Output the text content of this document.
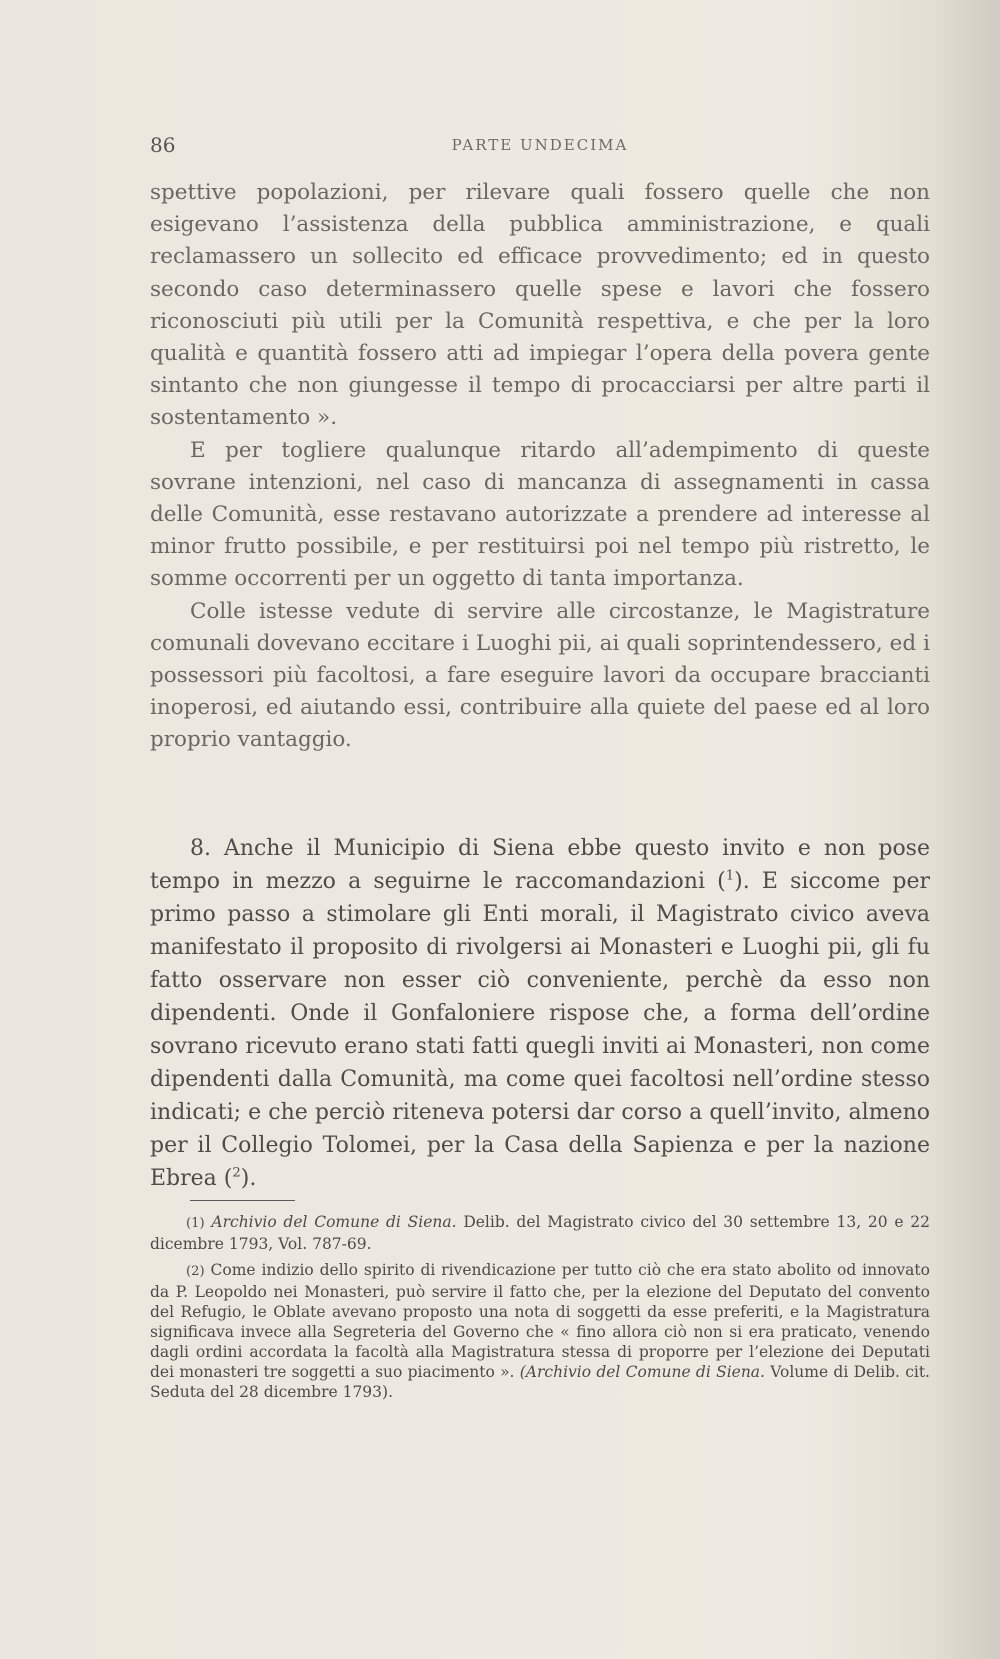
86	PARTE UNDECIMA

spettive popolazioni, per rilevare quali fossero quelle che non esigevano l’assistenza della pubblica amministrazione, e quali reclamassero un sollecito ed efficace provvedimento; ed in questo secondo caso determinassero quelle spese e lavori che fossero riconosciuti più utili per la Comunità respettiva, e che per la loro qualità e quantità fossero atti ad impiegar l’opera della povera gente sintanto che non giungesse il tempo di procacciarsi per altre parti il sostentamento ».

E per togliere qualunque ritardo all’adempimento di queste sovrane intenzioni, nel caso di mancanza di assegnamenti in cassa delle Comunità, esse restavano autorizzate a prendere ad interesse al minor frutto possibile, e per restituirsi poi nel tempo più ristretto, le somme occorrenti per un oggetto di tanta importanza.

Colle istesse vedute di servire alle circostanze, le Magistrature comunali dovevano eccitare i Luoghi pii, ai quali soprintendessero, ed i possessori più facoltosi, a fare eseguire lavori da occupare braccianti inoperosi, ed aiutando essi, contribuire alla quiete del paese ed al loro proprio vantaggio.

8. Anche il Municipio di Siena ebbe questo invito e non pose tempo in mezzo a seguirne le raccomandazioni ($^1$). E siccome per primo passo a stimolare gli Enti morali, il Magistrato civico aveva manifestato il proposito di rivolgersi ai Monasteri e Luoghi pii, gli fu fatto osservare non esser ciò conveniente, perchè da esso non dipendenti. Onde il Gonfaloniere rispose che, a forma dell’ordine sovrano ricevuto erano stati fatti quegli inviti ai Monasteri, non come dipendenti dalla Comunità, ma come quei facoltosi nell’ordine stesso indicati; e che perciò riteneva potersi dar corso a quell’invito, almeno per il Collegio Tolomei, per la Casa della Sapienza e per la nazione Ebrea ($^2$).

(1) Archivio del Comune di Siena. Delib. del Magistrato civico del 30 settembre 13, 20 e 22 dicembre 1793, Vol. 787-69.

(2) Come indizio dello spirito di rivendicazione per tutto ciò che era stato abolito od innovato da P. Leopoldo nei Monasteri, può servire il fatto che, per la elezione del Deputato del convento del Refugio, le Oblate avevano proposto una nota di soggetti da esse preferiti, e la Magistratura significava invece alla Segreteria del Governo che « fino allora ciò non si era praticato, venendo dagli ordini accordata la facoltà alla Magistratura stessa di proporre per l’elezione dei Deputati dei monasteri tre soggetti a suo piacimento ». (Archivio del Comune di Siena. Volume di Delib. cit. Seduta del 28 dicembre 1793).
